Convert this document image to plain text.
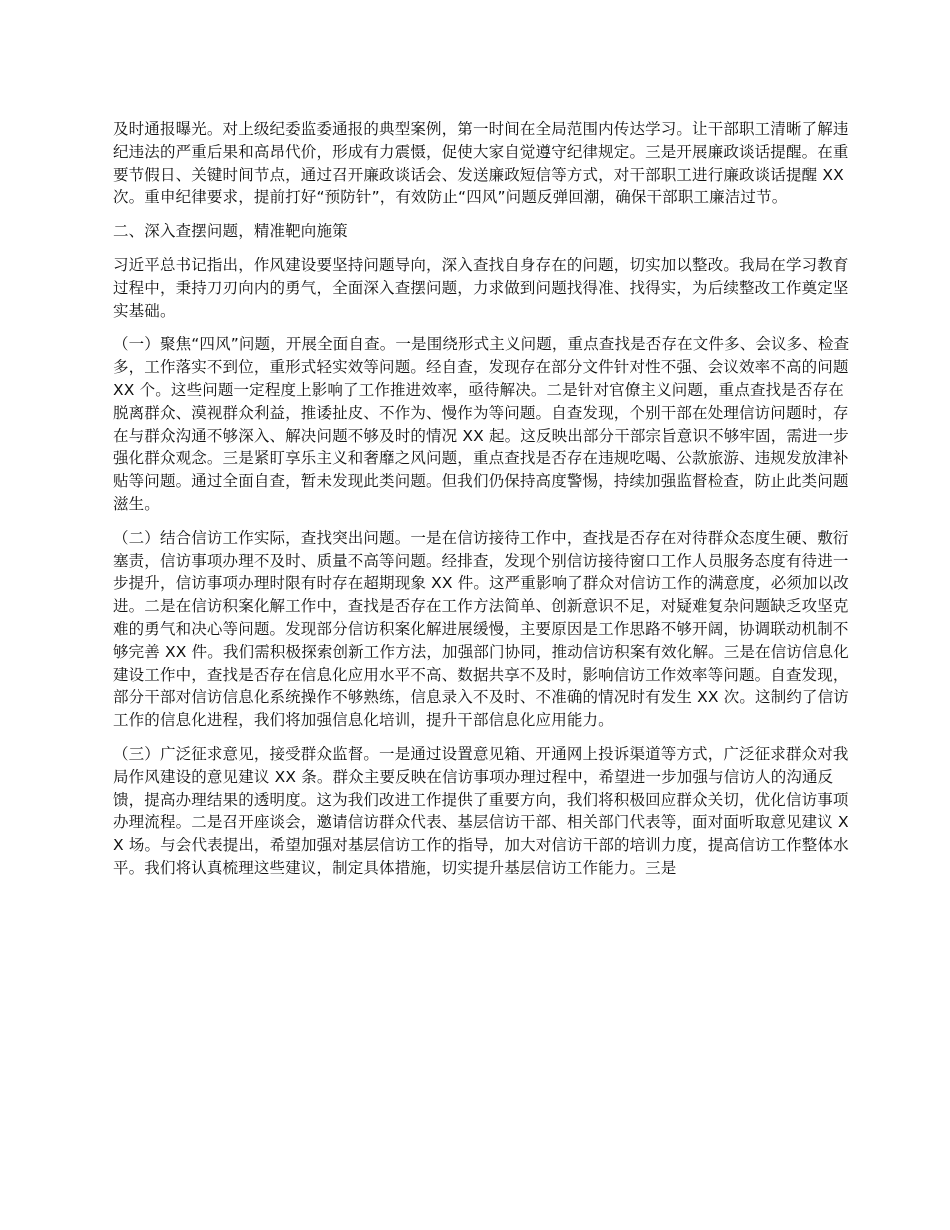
及时通报曝光。对上级纪委监委通报的典型案例，第一时间在全局范围内传达学习。让干部职工清晰了解违纪违法的严重后果和高昂代价，形成有力震慑，促使大家自觉遵守纪律规定。三是开展廉政谈话提醒。在重要节假日、关键时间节点，通过召开廉政谈话会、发送廉政短信等方式，对干部职工进行廉政谈话提醒 XX 次。重申纪律要求，提前打好“预防针”，有效防止“四风”问题反弹回潮，确保干部职工廉洁过节。

二、深入查摆问题，精准靶向施策

习近平总书记指出，作风建设要坚持问题导向，深入查找自身存在的问题，切实加以整改。我局在学习教育过程中，秉持刀刃向内的勇气，全面深入查摆问题，力求做到问题找得准、找得实，为后续整改工作奠定坚实基础。

（一）聚焦“四风”问题，开展全面自查。一是围绕形式主义问题，重点查找是否存在文件多、会议多、检查多，工作落实不到位，重形式轻实效等问题。经自查，发现存在部分文件针对性不强、会议效率不高的问题 XX 个。这些问题一定程度上影响了工作推进效率，亟待解决。二是针对官僚主义问题，重点查找是否存在脱离群众、漠视群众利益，推诿扯皮、不作为、慢作为等问题。自查发现，个别干部在处理信访问题时，存在与群众沟通不够深入、解决问题不够及时的情况 XX 起。这反映出部分干部宗旨意识不够牢固，需进一步强化群众观念。三是紧盯享乐主义和奢靡之风问题，重点查找是否存在违规吃喝、公款旅游、违规发放津补贴等问题。通过全面自查，暂未发现此类问题。但我们仍保持高度警惕，持续加强监督检查，防止此类问题滋生。

（二）结合信访工作实际，查找突出问题。一是在信访接待工作中，查找是否存在对待群众态度生硬、敷衍塞责，信访事项办理不及时、质量不高等问题。经排查，发现个别信访接待窗口工作人员服务态度有待进一步提升，信访事项办理时限有时存在超期现象 XX 件。这严重影响了群众对信访工作的满意度，必须加以改进。二是在信访积案化解工作中，查找是否存在工作方法简单、创新意识不足，对疑难复杂问题缺乏攻坚克难的勇气和决心等问题。发现部分信访积案化解进展缓慢，主要原因是工作思路不够开阔，协调联动机制不够完善 XX 件。我们需积极探索创新工作方法，加强部门协同，推动信访积案有效化解。三是在信访信息化建设工作中，查找是否存在信息化应用水平不高、数据共享不及时，影响信访工作效率等问题。自查发现，部分干部对信访信息化系统操作不够熟练，信息录入不及时、不准确的情况时有发生 XX 次。这制约了信访工作的信息化进程，我们将加强信息化培训，提升干部信息化应用能力。

（三）广泛征求意见，接受群众监督。一是通过设置意见箱、开通网上投诉渠道等方式，广泛征求群众对我局作风建设的意见建议 XX 条。群众主要反映在信访事项办理过程中，希望进一步加强与信访人的沟通反馈，提高办理结果的透明度。这为我们改进工作提供了重要方向，我们将积极回应群众关切，优化信访事项办理流程。二是召开座谈会，邀请信访群众代表、基层信访干部、相关部门代表等，面对面听取意见建议 XX 场。与会代表提出，希望加强对基层信访工作的指导，加大对信访干部的培训力度，提高信访工作整体水平。我们将认真梳理这些建议，制定具体措施，切实提升基层信访工作能力。三是
